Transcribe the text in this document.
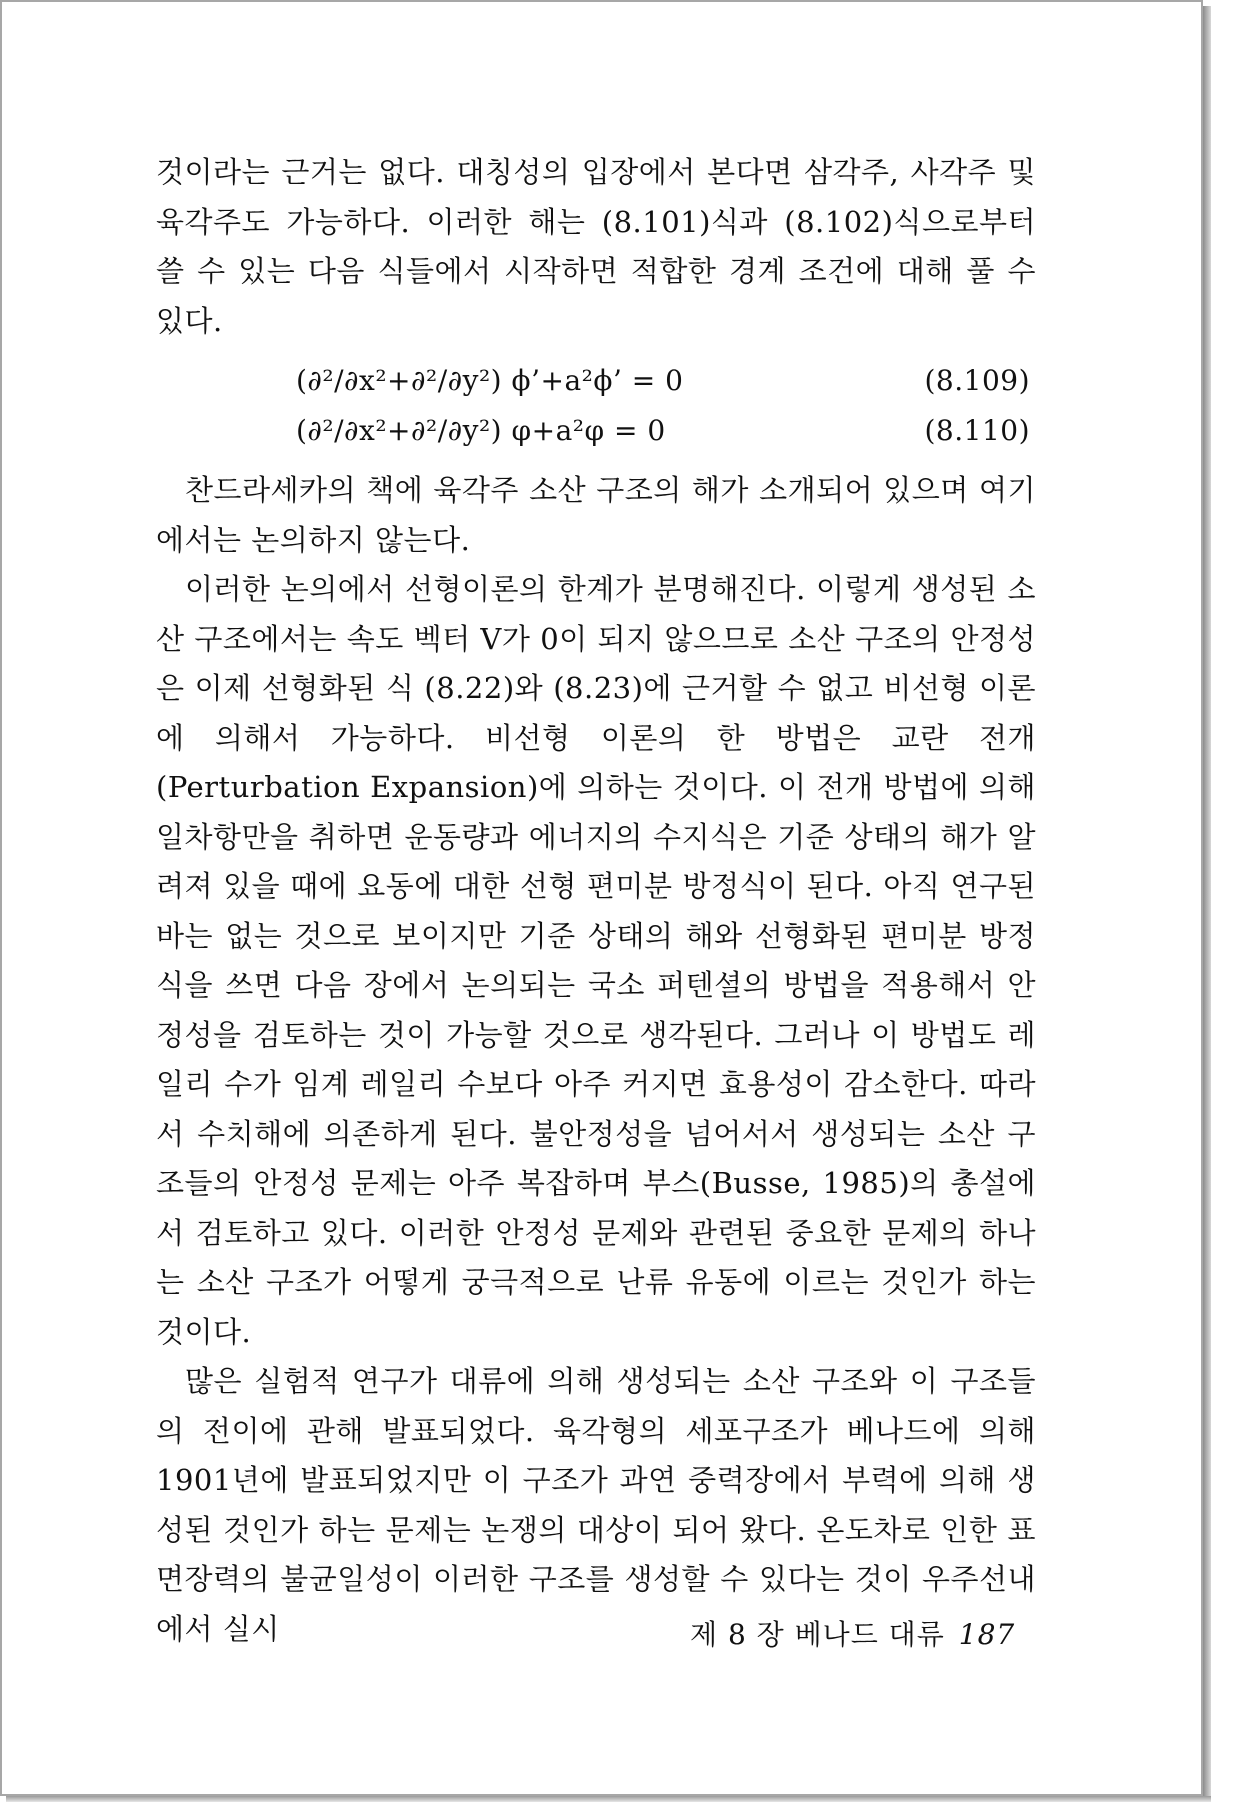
것이라는 근거는 없다. 대칭성의 입장에서 본다면 삼각주, 사각주 및 육각주도 가능하다. 이러한 해는 (8.101)식과 (8.102)식으로부터 쓸 수 있는 다음 식들에서 시작하면 적합한 경계 조건에 대해 풀 수 있다.

(∂²/∂x²+∂²/∂y²) ϕ’+a²ϕ’ = 0	(8.109)
(∂²/∂x²+∂²/∂y²) φ+a²φ = 0	(8.110)

찬드라세카의 책에 육각주 소산 구조의 해가 소개되어 있으며 여기에서는 논의하지 않는다.

이러한 논의에서 선형이론의 한계가 분명해진다. 이렇게 생성된 소산 구조에서는 속도 벡터 V가 0이 되지 않으므로 소산 구조의 안정성은 이제 선형화된 식 (8.22)와 (8.23)에 근거할 수 없고 비선형 이론에 의해서 가능하다. 비선형 이론의 한 방법은 교란 전개(Perturbation Expansion)에 의하는 것이다. 이 전개 방법에 의해 일차항만을 취하면 운동량과 에너지의 수지식은 기준 상태의 해가 알려져 있을 때에 요동에 대한 선형 편미분 방정식이 된다. 아직 연구된 바는 없는 것으로 보이지만 기준 상태의 해와 선형화된 편미분 방정식을 쓰면 다음 장에서 논의되는 국소 퍼텐셜의 방법을 적용해서 안정성을 검토하는 것이 가능할 것으로 생각된다. 그러나 이 방법도 레일리 수가 임계 레일리 수보다 아주 커지면 효용성이 감소한다. 따라서 수치해에 의존하게 된다. 불안정성을 넘어서서 생성되는 소산 구조들의 안정성 문제는 아주 복잡하며 부스(Busse, 1985)의 총설에서 검토하고 있다. 이러한 안정성 문제와 관련된 중요한 문제의 하나는 소산 구조가 어떻게 궁극적으로 난류 유동에 이르는 것인가 하는 것이다.

많은 실험적 연구가 대류에 의해 생성되는 소산 구조와 이 구조들의 전이에 관해 발표되었다. 육각형의 세포구조가 베나드에 의해 1901년에 발표되었지만 이 구조가 과연 중력장에서 부력에 의해 생성된 것인가 하는 문제는 논쟁의 대상이 되어 왔다. 온도차로 인한 표면장력의 불균일성이 이러한 구조를 생성할 수 있다는 것이 우주선내에서 실시	제 8 장 베나드 대류 187
